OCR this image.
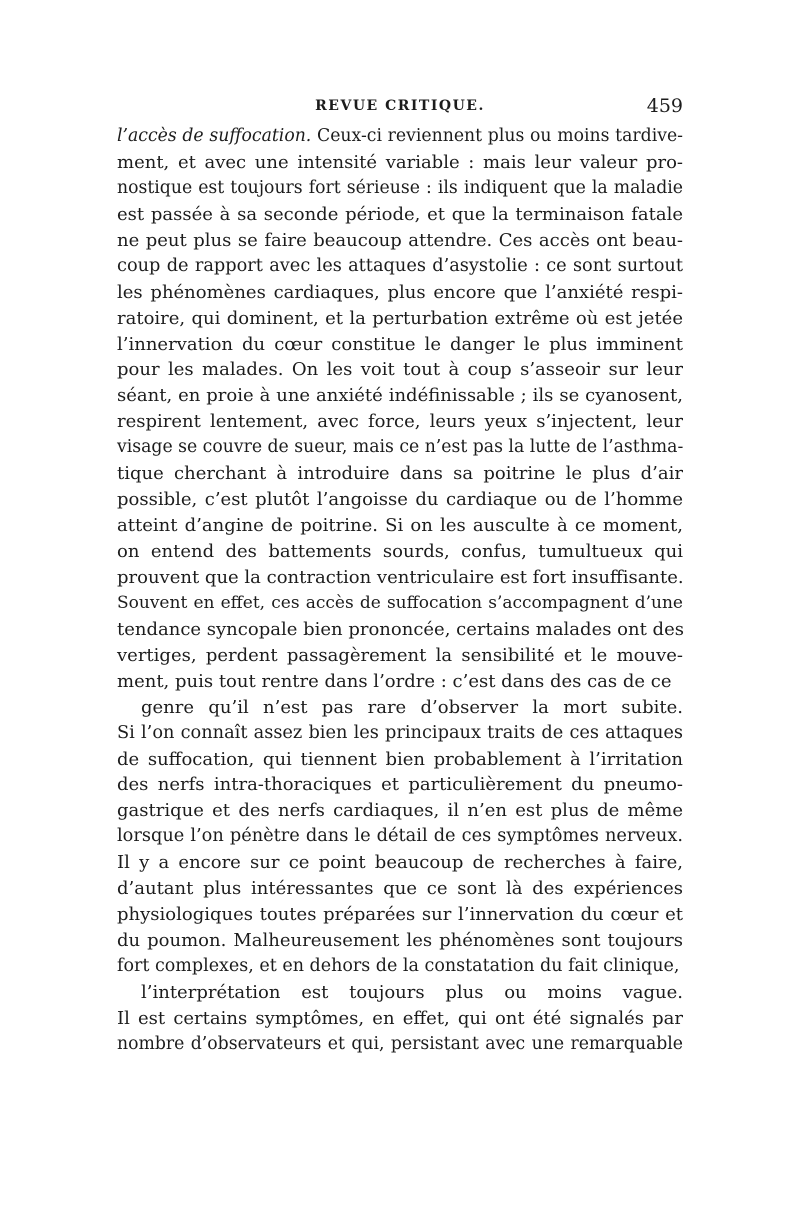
REVUE CRITIQUE.	459
l’accès de suffocation. Ceux-ci reviennent plus ou moins tardive-
ment, et avec une intensité variable : mais leur valeur pro-
nostique est toujours fort sérieuse : ils indiquent que la maladie
est passée à sa seconde période, et que la terminaison fatale
ne peut plus se faire beaucoup attendre. Ces accès ont beau-
coup de rapport avec les attaques d’asystolie : ce sont surtout
les phénomènes cardiaques, plus encore que l’anxiété respi-
ratoire, qui dominent, et la perturbation extrême où est jetée
l’innervation du cœur constitue le danger le plus imminent
pour les malades. On les voit tout à coup s’asseoir sur leur
séant, en proie à une anxiété indéfinissable ; ils se cyanosent,
respirent lentement, avec force, leurs yeux s’injectent, leur
visage se couvre de sueur, mais ce n’est pas la lutte de l’asthma-
tique cherchant à introduire dans sa poitrine le plus d’air
possible, c’est plutôt l’angoisse du cardiaque ou de l’homme
atteint d’angine de poitrine. Si on les ausculte à ce moment,
on entend des battements sourds, confus, tumultueux qui
prouvent que la contraction ventriculaire est fort insuffisante.
Souvent en effet, ces accès de suffocation s’accompagnent d’une
tendance syncopale bien prononcée, certains malades ont des
vertiges, perdent passagèrement la sensibilité et le mouve-
ment, puis tout rentre dans l’ordre : c’est dans des cas de ce
genre qu’il n’est pas rare d’observer la mort subite.
Si l’on connaît assez bien les principaux traits de ces attaques
de suffocation, qui tiennent bien probablement à l’irritation
des nerfs intra-thoraciques et particulièrement du pneumo-
gastrique et des nerfs cardiaques, il n’en est plus de même
lorsque l’on pénètre dans le détail de ces symptômes nerveux.
Il y a encore sur ce point beaucoup de recherches à faire,
d’autant plus intéressantes que ce sont là des expériences
physiologiques toutes préparées sur l’innervation du cœur et
du poumon. Malheureusement les phénomènes sont toujours
fort complexes, et en dehors de la constatation du fait clinique,
l’interprétation est toujours plus ou moins vague.
Il est certains symptômes, en effet, qui ont été signalés par
nombre d’observateurs et qui, persistant avec une remarquable
